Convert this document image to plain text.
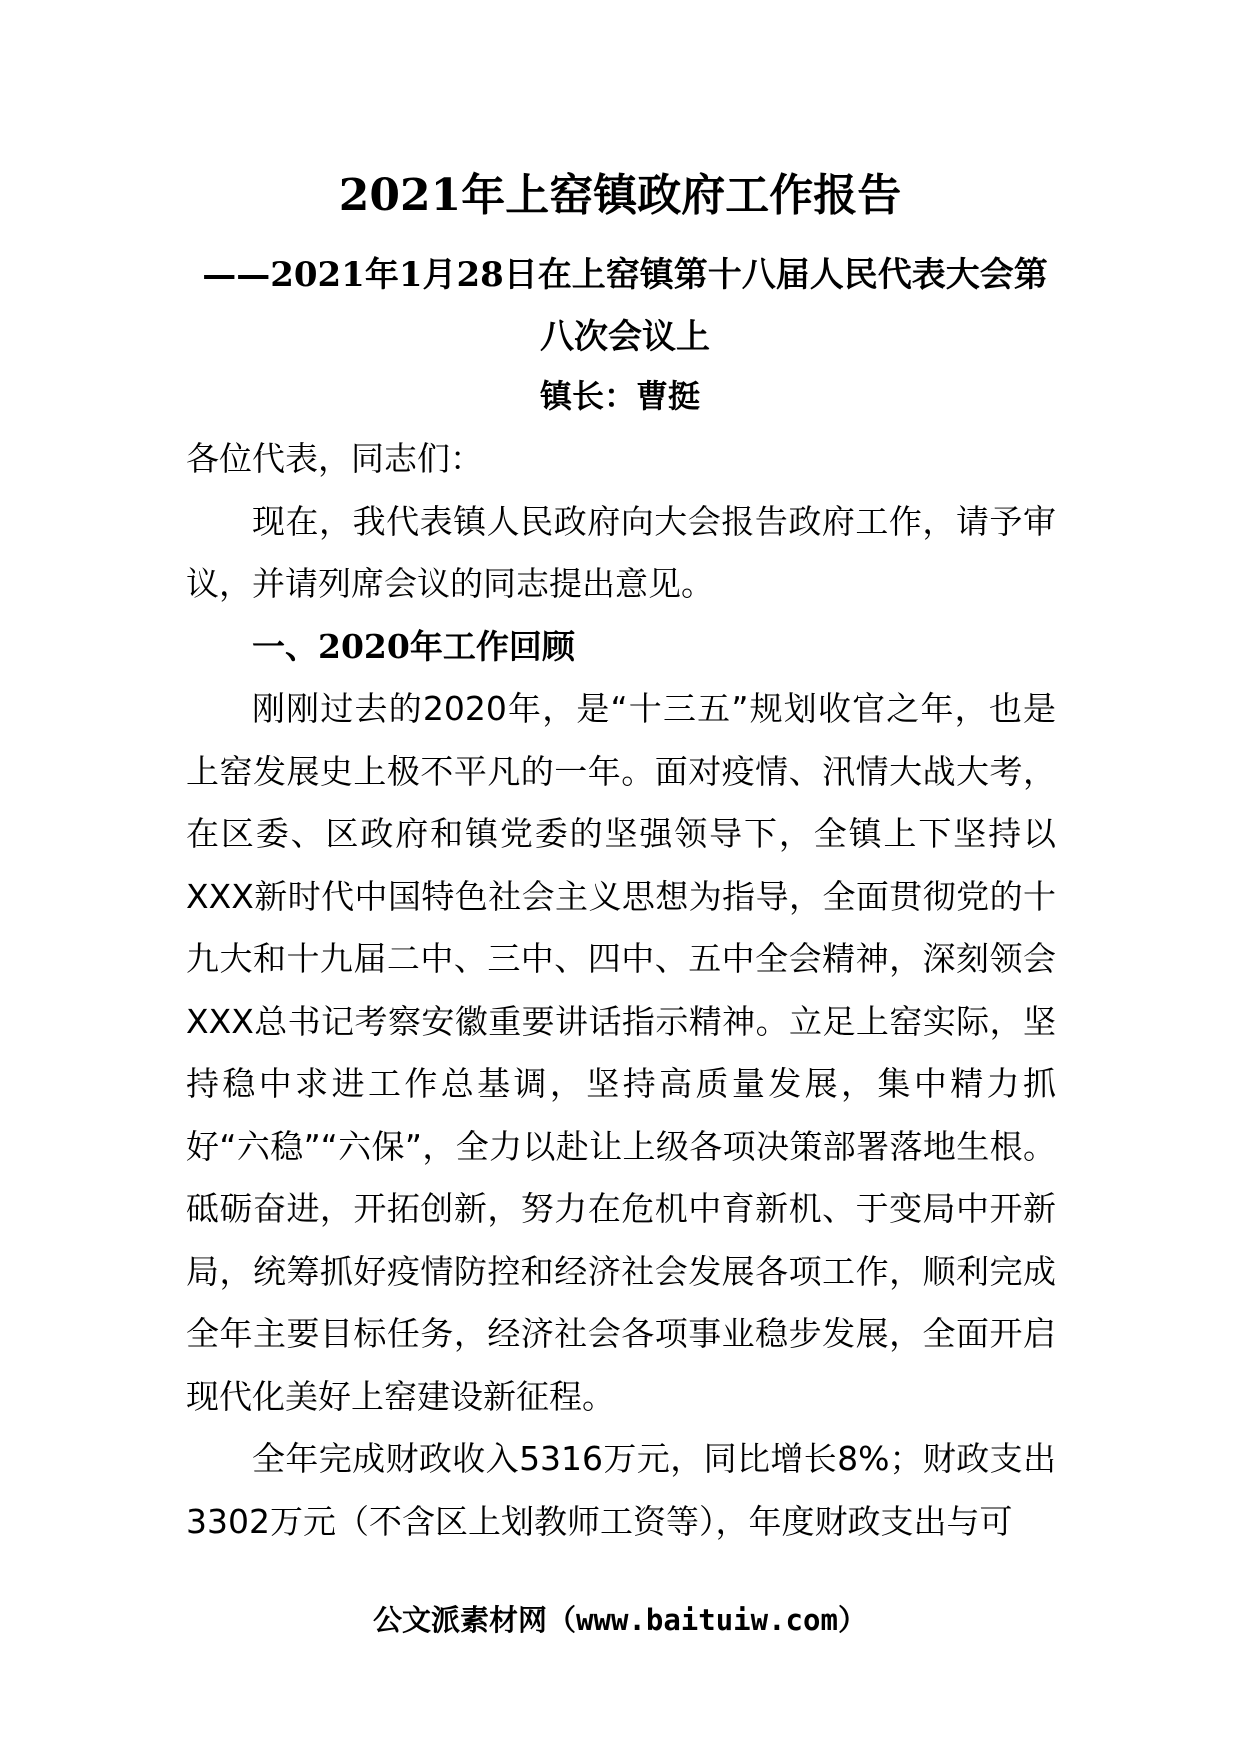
2021年上窑镇政府工作报告
——2021年1月28日在上窑镇第十八届人民代表大会第八次会议上
镇长：曹挺

各位代表，同志们：

现在，我代表镇人民政府向大会报告政府工作，请予审议，并请列席会议的同志提出意见。

一、2020年工作回顾

刚刚过去的2020年，是“十三五”规划收官之年，也是上窑发展史上极不平凡的一年。面对疫情、汛情大战大考，在区委、区政府和镇党委的坚强领导下，全镇上下坚持以XXX新时代中国特色社会主义思想为指导，全面贯彻党的十九大和十九届二中、三中、四中、五中全会精神，深刻领会XXX总书记考察安徽重要讲话指示精神。立足上窑实际，坚持稳中求进工作总基调，坚持高质量发展，集中精力抓好“六稳”“六保”，全力以赴让上级各项决策部署落地生根。砥砺奋进，开拓创新，努力在危机中育新机、于变局中开新局，统筹抓好疫情防控和经济社会发展各项工作，顺利完成全年主要目标任务，经济社会各项事业稳步发展，全面开启现代化美好上窑建设新征程。

全年完成财政收入5316万元，同比增长8%；财政支出3302万元（不含区上划教师工资等），年度财政支出与可

公文派素材网（www.baituiw.com）
